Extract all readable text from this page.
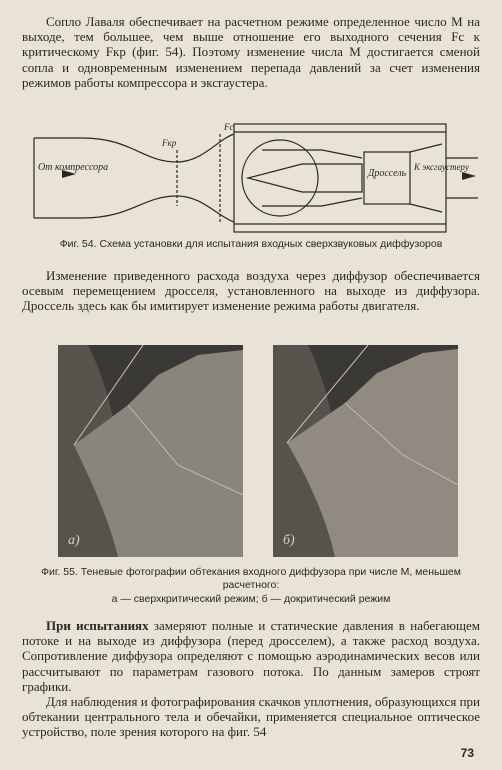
Сопло Лаваля обеспечивает на расчетном режиме определенное число M на выходе, тем большее, чем выше отношение его выходного сечения Fc к критическому Fкр (фиг. 54). Поэтому изменение числа M достигается сменой сопла и одновременным изменением перепада давлений за счет изменения режимов работы компрессора и эксгаустера.

От компрессора
Дроссель
К эксгаустеру
Fкр
Fc

Фиг. 54. Схема установки для испытания входных сверхзвуковых диффузоров

Изменение приведенного расхода воздуха через диффузор обеспечивается осевым перемещением дросселя, установленного на выходе из диффузора. Дроссель здесь как бы имитирует изменение режима работы двигателя.

а)	б)

Фиг. 55. Теневые фотографии обтекания входного диффузора при числе M, меньшем расчетного:

а — сверхкритический режим; б — докритический режим

При испытаниях замеряют полные и статические давления в набегающем потоке и на выходе из диффузора (перед дросселем), а также расход воздуха. Сопротивление диффузора определяют с помощью аэродинамических весов или рассчитывают по параметрам газового потока. По данным замеров строят графики.

Для наблюдения и фотографирования скачков уплотнения, образующихся при обтекании центрального тела и обечайки, применяется специальное оптическое устройство, поле зрения которого на фиг. 54

73
